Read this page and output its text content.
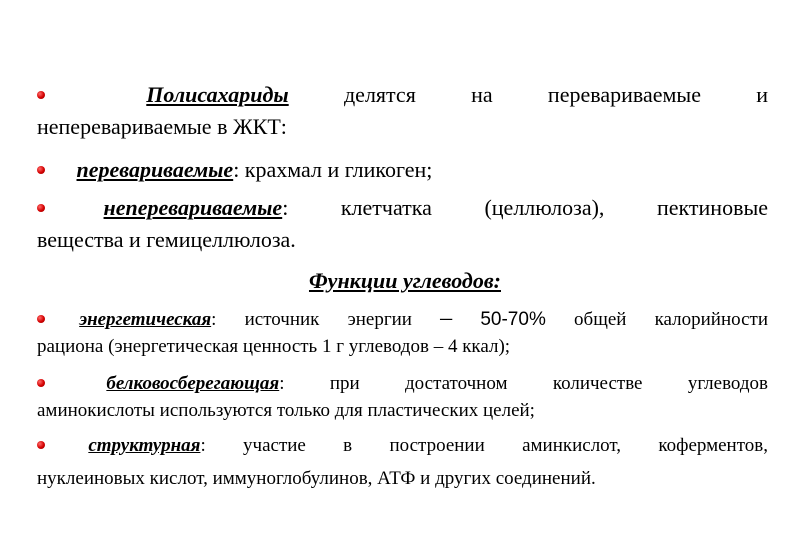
Полисахариды	делятся	на	перевариваемые	и
неперевариваемые в ЖКТ:
перевариваемые: крахмал и гликоген;
неперевариваемые: клетчатка (целлюлоза), пектиновые
вещества и гемицеллюлоза.
Функции углеводов:
энергетическая: источник энергии – 50-70% общей калорийности
рациона (энергетическая ценность 1 г углеводов – 4 ккал);
белковосберегающая: при достаточном количестве углеводов
аминокислоты используются только для пластических целей;
структурная: участие в построении аминкислот, коферментов,
нуклеиновых кислот, иммуноглобулинов, АТФ и других соединений.
